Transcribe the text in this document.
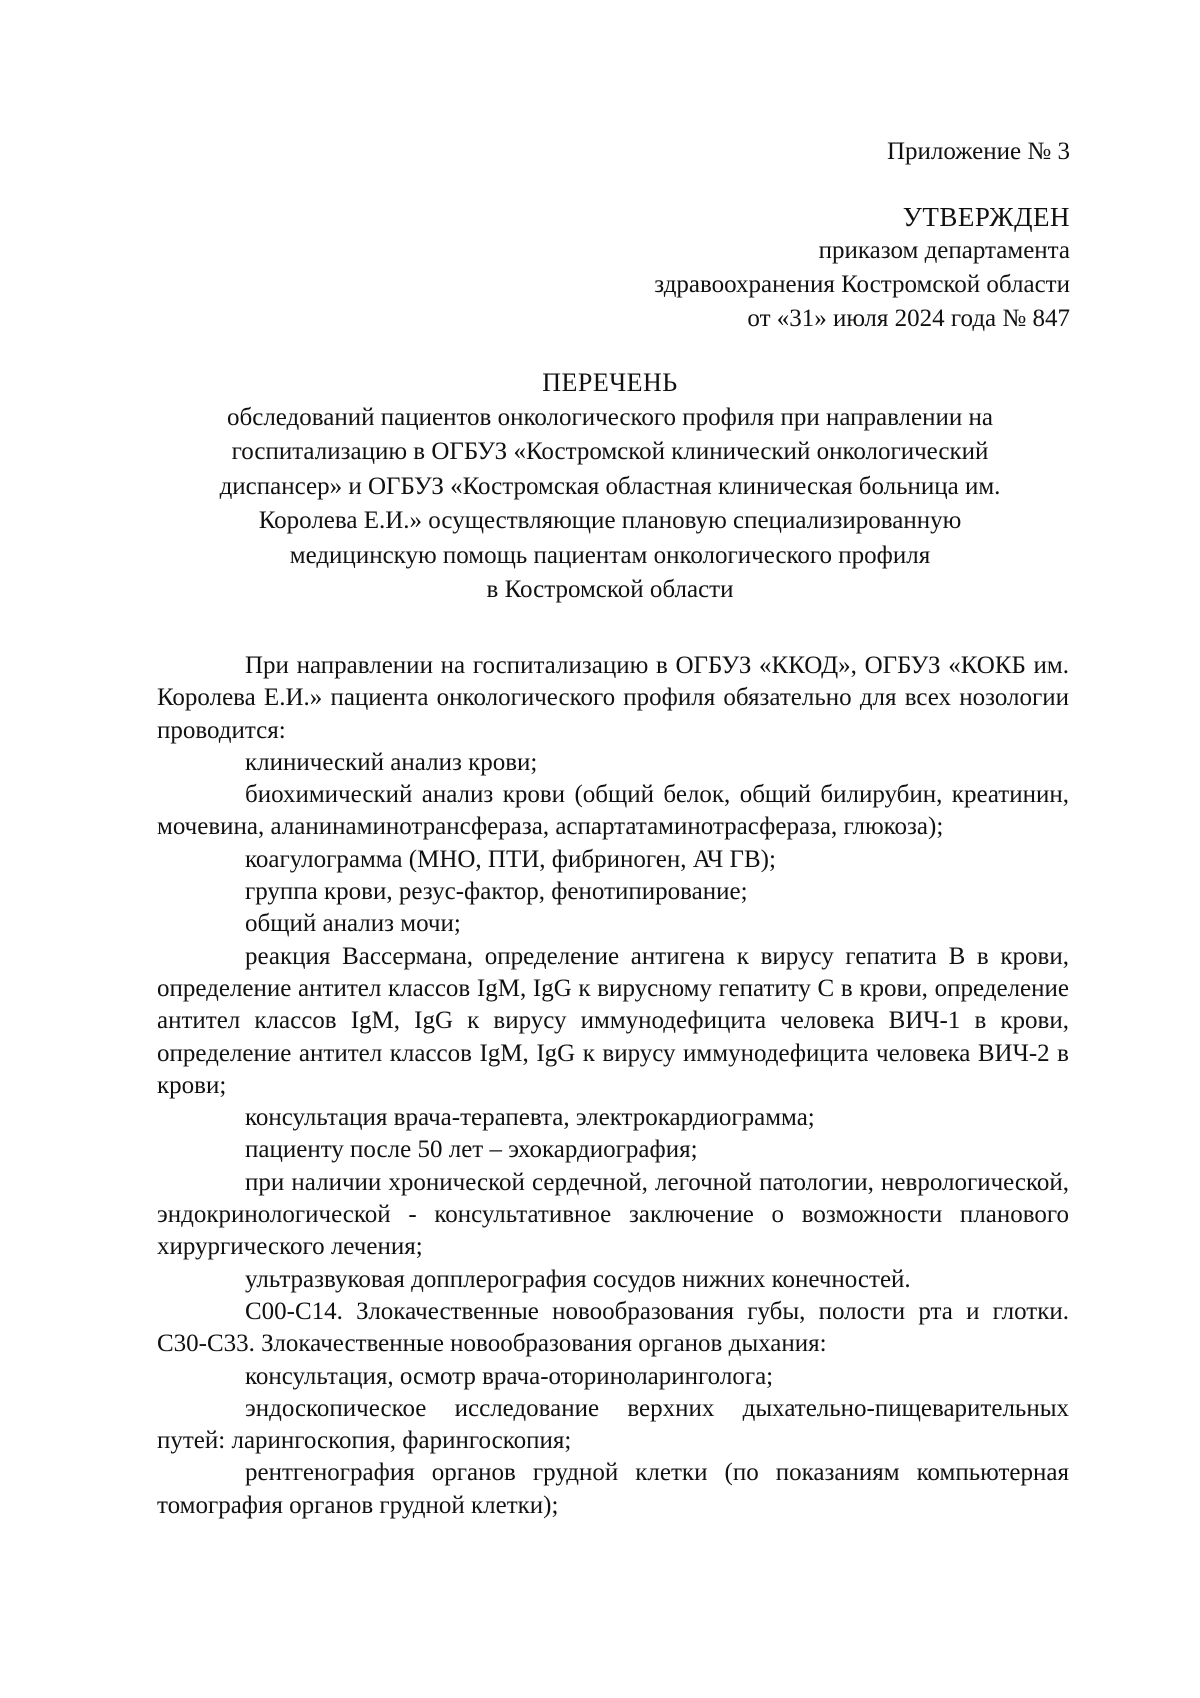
Приложение № 3
УТВЕРЖДЕН
приказом департамента
здравоохранения Костромской области
от «31» июля 2024 года № 847
ПЕРЕЧЕНЬ
обследований пациентов онкологического профиля при направлении на
госпитализацию в ОГБУЗ «Костромской клинический онкологический
диспансер» и ОГБУЗ «Костромская областная клиническая больница им.
Королева Е.И.» осуществляющие плановую специализированную
медицинскую помощь пациентам онкологического профиля
в Костромской области

При направлении на госпитализацию в ОГБУЗ «ККОД», ОГБУЗ «КОКБ им. Королева Е.И.» пациента онкологического профиля обязательно для всех нозологии проводится:

клинический анализ крови;

биохимический анализ крови (общий белок, общий билирубин, креатинин, мочевина, аланинаминотрансфераза, аспартатаминотрасфераза, глюкоза);

коагулограмма (МНО, ПТИ, фибриноген, АЧ ГВ);

группа крови, резус-фактор, фенотипирование;

общий анализ мочи;

реакция Вассермана, определение антигена к вирусу гепатита В в крови, определение антител классов IgM, IgG к вирусному гепатиту С в крови, определение антител классов IgM, IgG к вирусу иммунодефицита человека ВИЧ-1 в крови, определение антител классов IgM, IgG к вирусу иммунодефицита человека ВИЧ-2 в крови;

консультация врача-терапевта, электрокардиограмма;

пациенту после 50 лет – эхокардиография;

при наличии хронической сердечной, легочной патологии, неврологической, эндокринологической - консультативное заключение о возможности планового хирургического лечения;

ультразвуковая допплерография сосудов нижних конечностей.

С00-С14. Злокачественные новообразования губы, полости рта и глотки. С30-С33. Злокачественные новообразования органов дыхания:

консультация, осмотр врача-оториноларинголога;

эндоскопическое исследование верхних дыхательно-пищеварительных путей: ларингоскопия, фарингоскопия;

рентгенография органов грудной клетки (по показаниям компьютерная томография органов грудной клетки);
